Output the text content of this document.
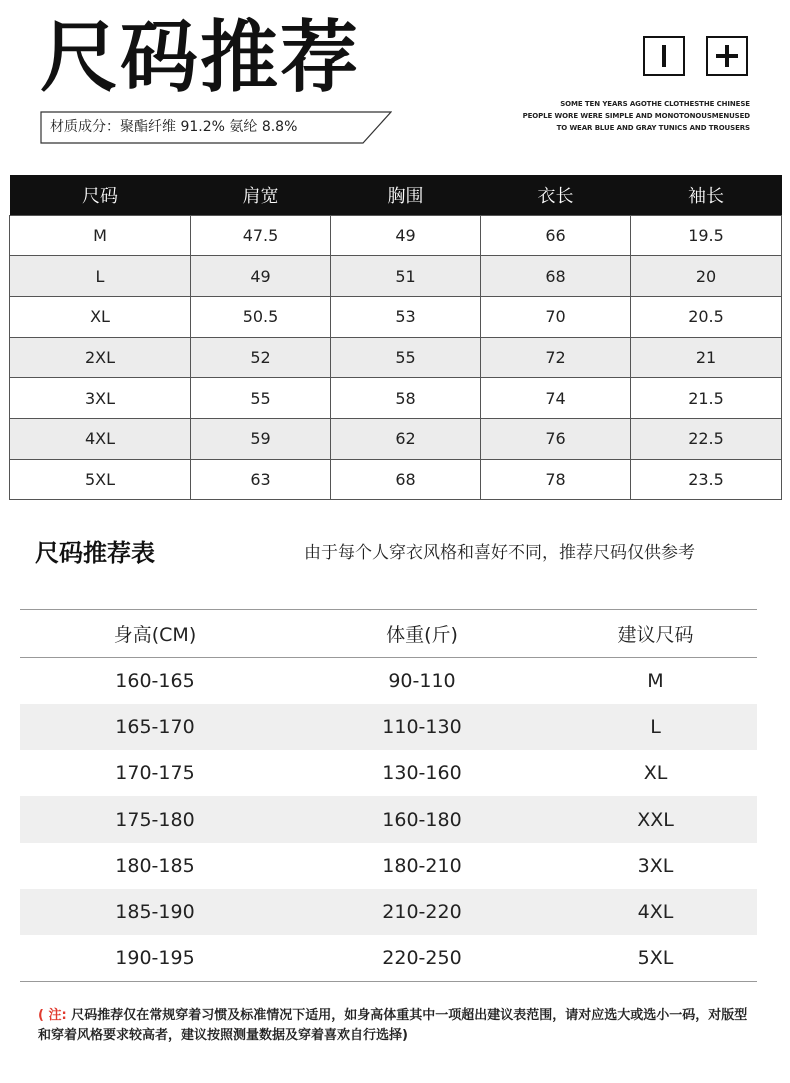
尺码推荐
材质成分：聚酯纤维 91.2% 氨纶 8.8%
SOME TEN YEARS AGOTHE CLOTHESTHE CHINESE
PEOPLE WORE WERE SIMPLE AND MONOTONOUSMENUSED
TO WEAR BLUE AND GRAY TUNICS AND TROUSERS
尺码	肩宽	胸围	衣长	袖长
M	47.5	49	66	19.5
L	49	51	68	20
XL	50.5	53	70	20.5
2XL	52	55	72	21
3XL	55	58	74	21.5
4XL	59	62	76	22.5
5XL	63	68	78	23.5
尺码推荐表	由于每个人穿衣风格和喜好不同，推荐尺码仅供参考
身高(CM)	体重(斤)	建议尺码
160-165	90-110	M
165-170	110-130	L
170-175	130-160	XL
175-180	160-180	XXL
180-185	180-210	3XL
185-190	210-220	4XL
190-195	220-250	5XL
( 注: 尺码推荐仅在常规穿着习惯及标准情况下适用，如身高体重其中一项超出建议表范围，请对应选大或选小一码，对版型和穿着风格要求较高者，建议按照测量数据及穿着喜欢自行选择)
